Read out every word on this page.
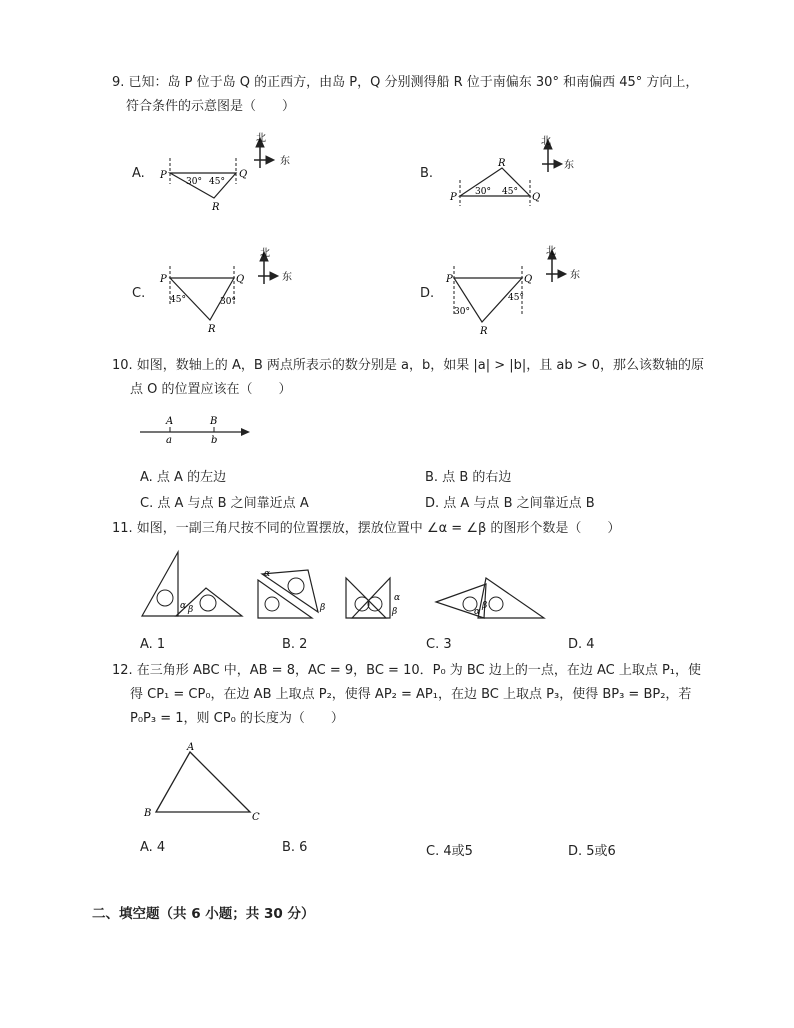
9. 已知：岛 P 位于岛 Q 的正西方，由岛 P，Q 分别测得船 R 位于南偏东 30° 和南偏西 45° 方向上，
符合条件的示意图是（　　）
A.	B.
C.	D.
北
东
P	Q
R
30° 45°
北
东
P	Q
R
30° 45°
北
东
P	Q
R
45°	30°
北
东
P	Q
R
30°
45°
10. 如图，数轴上的 A，B 两点所表示的数分别是 a，b，如果 |a| > |b|，且 ab > 0，那么该数轴的原
点 O 的位置应该在（　　）
A	B
a	b
A. 点 A 的左边	B. 点 B 的右边
C. 点 A 与点 B 之间靠近点 A	D. 点 A 与点 B 之间靠近点 B
11. 如图，一副三角尺按不同的位置摆放，摆放位置中 ∠α = ∠β 的图形个数是（　　）
α β
α
β
α
β	α
β
A. 1	B. 2	C. 3	D. 4
12. 在三角形 ABC 中，AB = 8，AC = 9，BC = 10．P₀ 为 BC 边上的一点，在边 AC 上取点 P₁，使
得 CP₁ = CP₀，在边 AB 上取点 P₂，使得 AP₂ = AP₁，在边 BC 上取点 P₃，使得 BP₃ = BP₂，若
P₀P₃ = 1，则 CP₀ 的长度为（　　）
A
B	C
A. 4	B. 6	C. 4或5	D. 5或6
二、填空题（共 6 小题；共 30 分）
